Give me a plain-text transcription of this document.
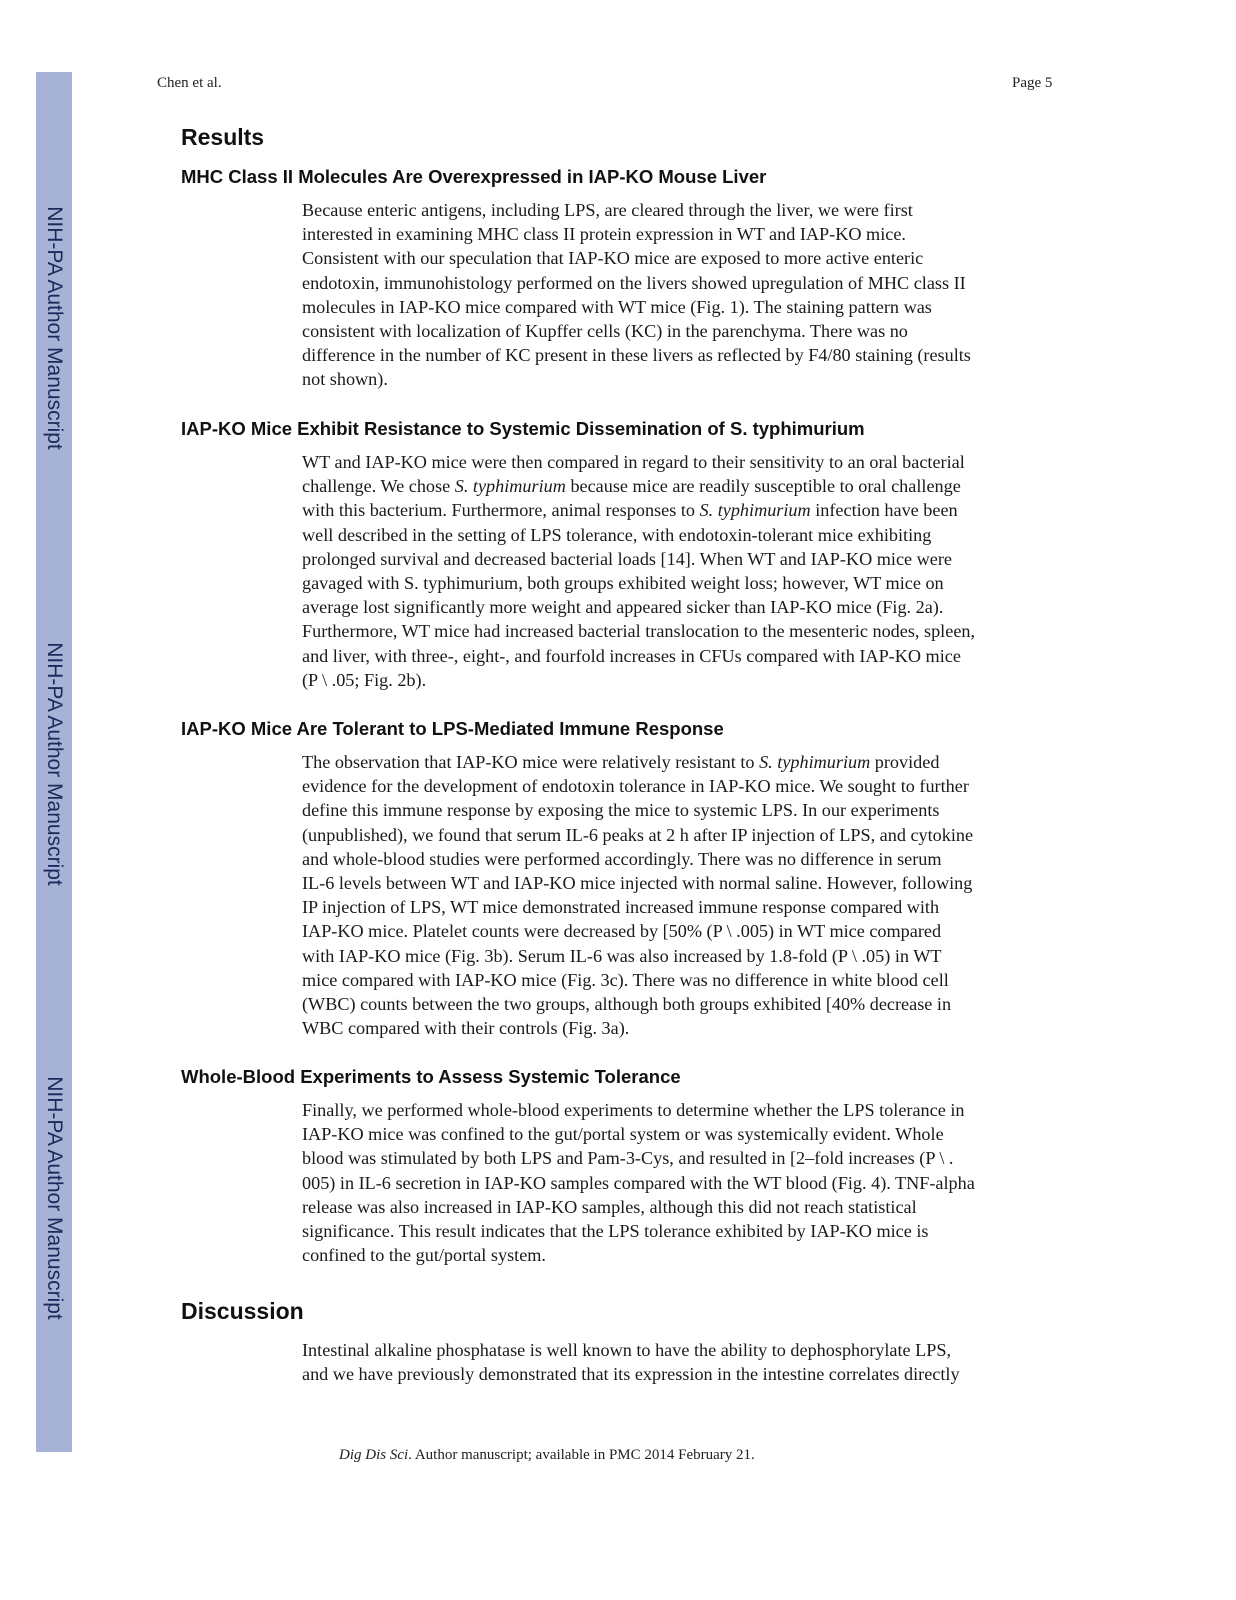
NIH-PA Author Manuscript
NIH-PA Author Manuscript
NIH-PA Author Manuscript
Chen et al.	Page 5
Results
MHC Class II Molecules Are Overexpressed in IAP-KO Mouse Liver
Because enteric antigens, including LPS, are cleared through the liver, we were first
interested in examining MHC class II protein expression in WT and IAP-KO mice.
Consistent with our speculation that IAP-KO mice are exposed to more active enteric
endotoxin, immunohistology performed on the livers showed upregulation of MHC class II
molecules in IAP-KO mice compared with WT mice (Fig. 1). The staining pattern was
consistent with localization of Kupffer cells (KC) in the parenchyma. There was no
difference in the number of KC present in these livers as reflected by F4/80 staining (results
not shown).
IAP-KO Mice Exhibit Resistance to Systemic Dissemination of S. typhimurium
WT and IAP-KO mice were then compared in regard to their sensitivity to an oral bacterial
challenge. We chose S. typhimurium because mice are readily susceptible to oral challenge
with this bacterium. Furthermore, animal responses to S. typhimurium infection have been
well described in the setting of LPS tolerance, with endotoxin-tolerant mice exhibiting
prolonged survival and decreased bacterial loads [14]. When WT and IAP-KO mice were
gavaged with S. typhimurium, both groups exhibited weight loss; however, WT mice on
average lost significantly more weight and appeared sicker than IAP-KO mice (Fig. 2a).
Furthermore, WT mice had increased bacterial translocation to the mesenteric nodes, spleen,
and liver, with three-, eight-, and fourfold increases in CFUs compared with IAP-KO mice
(P \ .05; Fig. 2b).
IAP-KO Mice Are Tolerant to LPS-Mediated Immune Response
The observation that IAP-KO mice were relatively resistant to S. typhimurium provided
evidence for the development of endotoxin tolerance in IAP-KO mice. We sought to further
define this immune response by exposing the mice to systemic LPS. In our experiments
(unpublished), we found that serum IL-6 peaks at 2 h after IP injection of LPS, and cytokine
and whole-blood studies were performed accordingly. There was no difference in serum
IL-6 levels between WT and IAP-KO mice injected with normal saline. However, following
IP injection of LPS, WT mice demonstrated increased immune response compared with
IAP-KO mice. Platelet counts were decreased by [50% (P \ .005) in WT mice compared
with IAP-KO mice (Fig. 3b). Serum IL-6 was also increased by 1.8-fold (P \ .05) in WT
mice compared with IAP-KO mice (Fig. 3c). There was no difference in white blood cell
(WBC) counts between the two groups, although both groups exhibited [40% decrease in
WBC compared with their controls (Fig. 3a).
Whole-Blood Experiments to Assess Systemic Tolerance
Finally, we performed whole-blood experiments to determine whether the LPS tolerance in
IAP-KO mice was confined to the gut/portal system or was systemically evident. Whole
blood was stimulated by both LPS and Pam-3-Cys, and resulted in [2–fold increases (P \ .
005) in IL-6 secretion in IAP-KO samples compared with the WT blood (Fig. 4). TNF-alpha
release was also increased in IAP-KO samples, although this did not reach statistical
significance. This result indicates that the LPS tolerance exhibited by IAP-KO mice is
confined to the gut/portal system.
Discussion
Intestinal alkaline phosphatase is well known to have the ability to dephosphorylate LPS,
and we have previously demonstrated that its expression in the intestine correlates directly
Dig Dis Sci. Author manuscript; available in PMC 2014 February 21.
